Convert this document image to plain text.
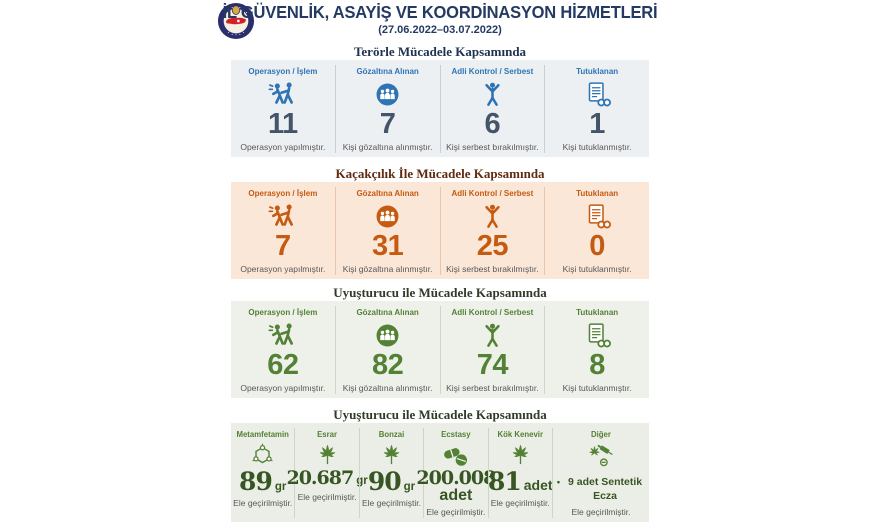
İL GÜVENLİK, ASAYİŞ VE KOORDİNASYON HİZMETLERİ
(27.06.2022–03.07.2022)
Terörle Mücadele Kapsamında
Operasyon / İşlem
11
Operasyon yapılmıştır.
Gözaltına Alınan
7
Kişi gözaltına alınmıştır.
Adli Kontrol / Serbest
6
Kişi serbest bırakılmıştır.
Tutuklanan
1
Kişi tutuklanmıştır.
Kaçakçılık İle Mücadele Kapsamında
Operasyon / İşlem
7
Operasyon yapılmıştır.
Gözaltına Alınan
31
Kişi gözaltına alınmıştır.
Adli Kontrol / Serbest
25
Kişi serbest bırakılmıştır.
Tutuklanan
0
Kişi tutuklanmıştır.
Uyuşturucu ile Mücadele Kapsamında
Operasyon / İşlem
62
Operasyon yapılmıştır.
Gözaltına Alınan
82
Kişi gözaltına alınmıştır.
Adli Kontrol / Serbest
74
Kişi serbest bırakılmıştır.
Tutuklanan
8
Kişi tutuklanmıştır.
Uyuşturucu ile Mücadele Kapsamında
Metamfetamin
89 gr
Ele geçirilmiştir.
Esrar
20.687 gr
Ele geçirilmiştir.
Bonzai
90 gr
Ele geçirilmiştir.
Ecstasy
200.008
adet
Ele geçirilmiştir.
Kök Kenevir
81 adet
Ele geçirilmiştir.
Diğer
• 9 adet Sentetik Ecza
Ele geçirilmiştir.
